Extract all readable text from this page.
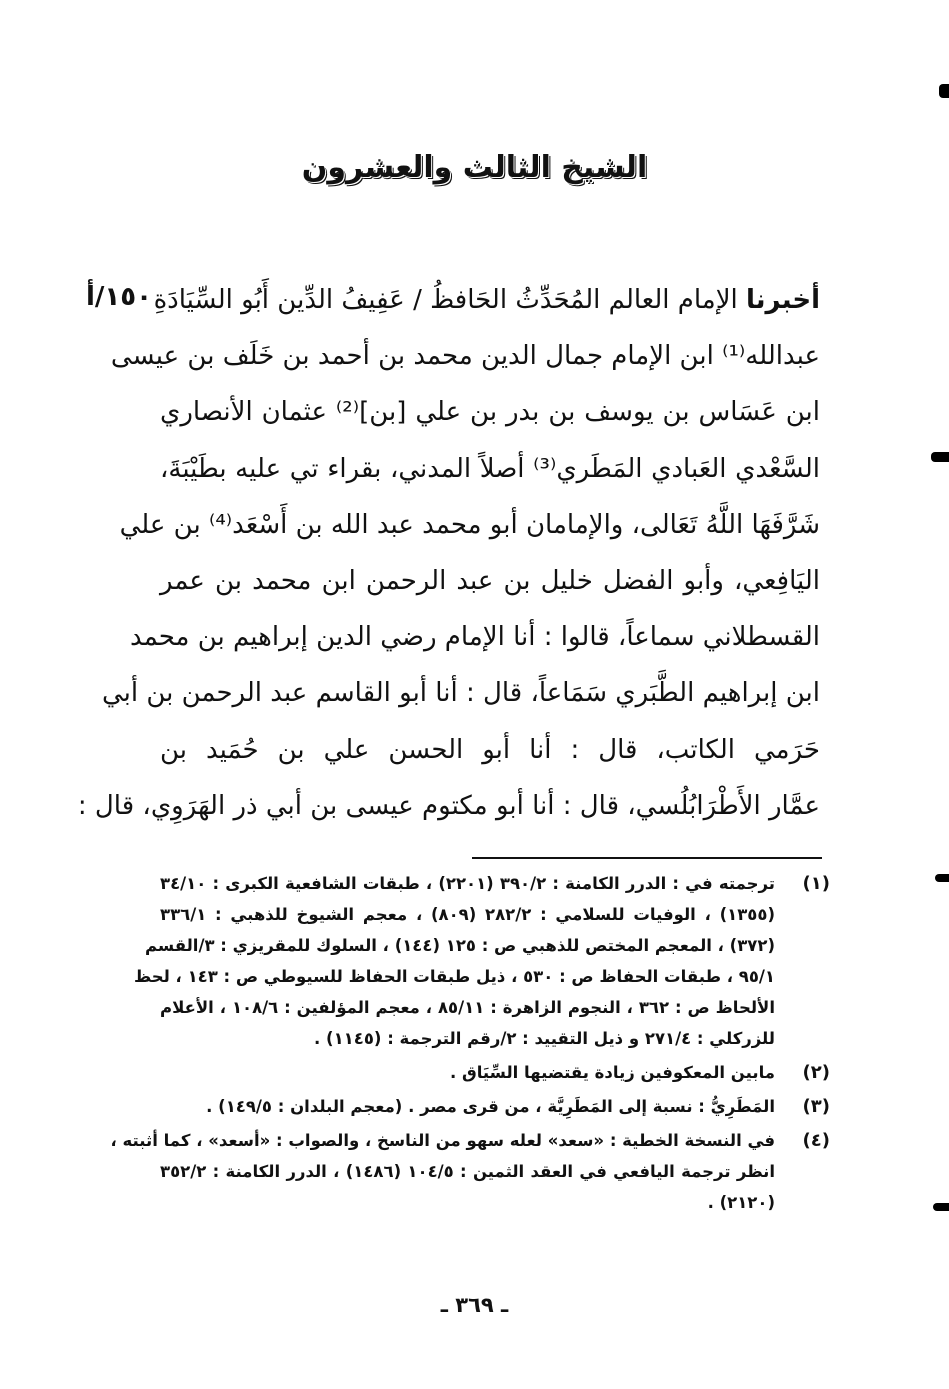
الشيخ الثالث والعشرون
١٥٠/أ	أخبرنا الإمام العالم المُحَدِّثُ الحَافظُ / عَفِيفُ الدِّين أَبُو السِّيَادَةِ
عبدالله⁽¹⁾ ابن الإمام جمال الدين محمد بن أحمد بن خَلَف بن عيسى
ابن عَسَاس بن يوسف بن بدر بن علي [بن]⁽²⁾ عثمان الأنصاري
السَّعْدي العَبادي المَطَري⁽³⁾ أصلاً المدني، بقراء تي عليه بطَيْبَةَ،
شَرَّفَهَا اللَّهُ تَعَالى، والإمامان أبو محمد عبد الله بن أَسْعَد⁽⁴⁾ بن علي
اليَافِعي، وأبو الفضل خليل بن عبد الرحمن ابن محمد بن عمر
القسطلاني سماعاً، قالوا : أنا الإمام رضي الدين إبراهيم بن محمد
ابن إبراهيم الطَّبَري سَمَاعاً، قال : أنا أبو القاسم عبد الرحمن بن أبي
حَرَمي الكاتب، قال : أنا أبو الحسن علي بن حُمَيد بن
عمَّار الأَطْرَابُلُسي، قال : أنا أبو مكتوم عيسى بن أبي ذر الهَرَوِي، قال :
(١)
ترجمته في : الدرر الكامنة : ٣٩٠/٢ (٢٢٠١) ، طبقات الشافعية الكبرى : ٣٤/١٠
(١٣٥٥) ، الوفيات للسلامي : ٢٨٢/٢ (٨٠٩) ، معجم الشيوخ للذهبي : ٣٣٦/١
(٣٧٢) ، المعجم المختص للذهبي ص : ١٢٥ (١٤٤) ، السلوك للمقريزي : ٣/القسم
٩٥/١ ، طبقات الحفاظ ص : ٥٣٠ ، ذيل طبقات الحفاظ للسيوطي ص : ١٤٣ ، لحظ
الألحاظ ص : ٣٦٢ ، النجوم الزاهرة : ٨٥/١١ ، معجم المؤلفين : ١٠٨/٦ ، الأعلام
للزركلي : ٢٧١/٤ و ذيل التقييد : ٢/رقم الترجمة : (١١٤٥) .
(٢)
مابين المعكوفين زيادة يقتضيها السِّيَاق .
(٣)
المَطَرِيُّ : نسبة إلى المَطَرِيَّة ، من قرى مصر . (معجم البلدان : ١٤٩/٥) .
(٤)
في النسخة الخطية : «سعد» لعله سهو من الناسخ ، والصواب : «أسعد» ، كما أثبته ،
انظر ترجمة اليافعي في العقد الثمين : ١٠٤/٥ (١٤٨٦) ، الدرر الكامنة : ٣٥٢/٢
(٢١٢٠) .
ـ ٣٦٩ ـ
